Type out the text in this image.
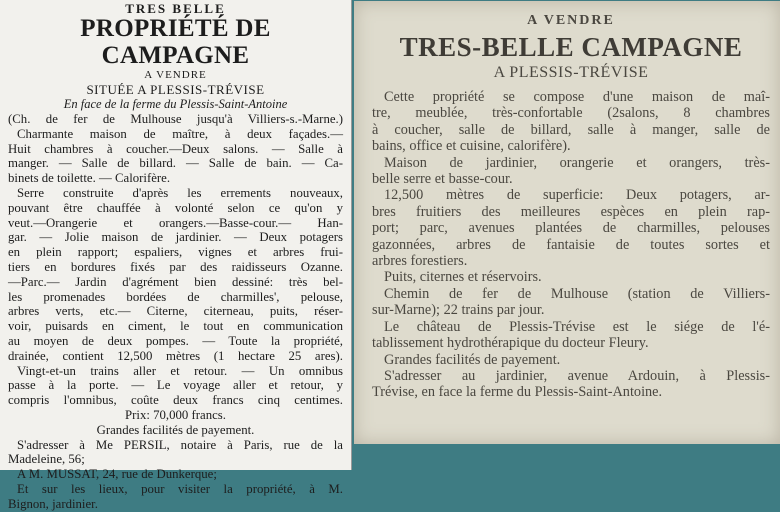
TRES BELLE
PROPRIÉTÉ DE CAMPAGNE
A VENDRE
SITUÉE A PLESSIS-TRÉVISE
En face de la ferme du Plessis-Saint-Antoine
(Ch. de fer de Mulhouse jusqu'à Villiers-s.-Marne.)
Charmante maison de maître, à deux façades.—
Huit chambres à coucher.—Deux salons. — Salle à
manger. — Salle de billard. — Salle de bain. — Ca-
binets de toilette. — Calorifère.
Serre construite d'après les errements nouveaux,
pouvant être chauffée à volonté selon ce qu'on y
veut.—Orangerie et orangers.—Basse-cour.— Han-
gar. — Jolie maison de jardinier. — Deux potagers
en plein rapport; espaliers, vignes et arbres frui-
tiers en bordures fixés par des raidisseurs Ozanne.
—Parc.— Jardin d'agrément bien dessiné: très bel-
les promenades bordées de charmilles', pelouse,
arbres verts, etc.— Citerne, citerneau, puits, réser-
voir, puisards en ciment, le tout en communication
au moyen de deux pompes. — Toute la propriété,
drainée, contient 12,500 mètres (1 hectare 25 ares).
Vingt-et-un trains aller et retour. — Un omnibus
passe à la porte. — Le voyage aller et retour, y
compris l'omnibus, coûte deux francs cinq centimes.
Prix: 70,000 francs.
Grandes facilités de payement.
S'adresser à Me PERSIL, notaire à Paris, rue de la
Madeleine, 56;
A M. MUSSAT, 24, rue de Dunkerque;
Et sur les lieux, pour visiter la propriété, à M.
Bignon, jardinier.
A VENDRE
TRES-BELLE CAMPAGNE
A PLESSIS-TRÉVISE
Cette propriété se compose d'une maison de maî-
tre, meublée, très-confortable (2salons, 8 chambres
à coucher, salle de billard, salle à manger, salle de
bains, office et cuisine, calorifère).
Maison de jardinier, orangerie et orangers, très-
belle serre et basse-cour.
12,500 mètres de superficie: Deux potagers, ar-
bres fruitiers des meilleures espèces en plein rap-
port; parc, avenues plantées de charmilles, pelouses
gazonnées, arbres de fantaisie de toutes sortes et
arbres forestiers.
Puits, citernes et réservoirs.
Chemin de fer de Mulhouse (station de Villiers-
sur-Marne); 22 trains par jour.
Le château de Plessis-Trévise est le siége de l'é-
tablissement hydrothérapique du docteur Fleury.
Grandes facilités de payement.
S'adresser au jardinier, avenue Ardouin, à Plessis-
Trévise, en face la ferme du Plessis-Saint-Antoine.
